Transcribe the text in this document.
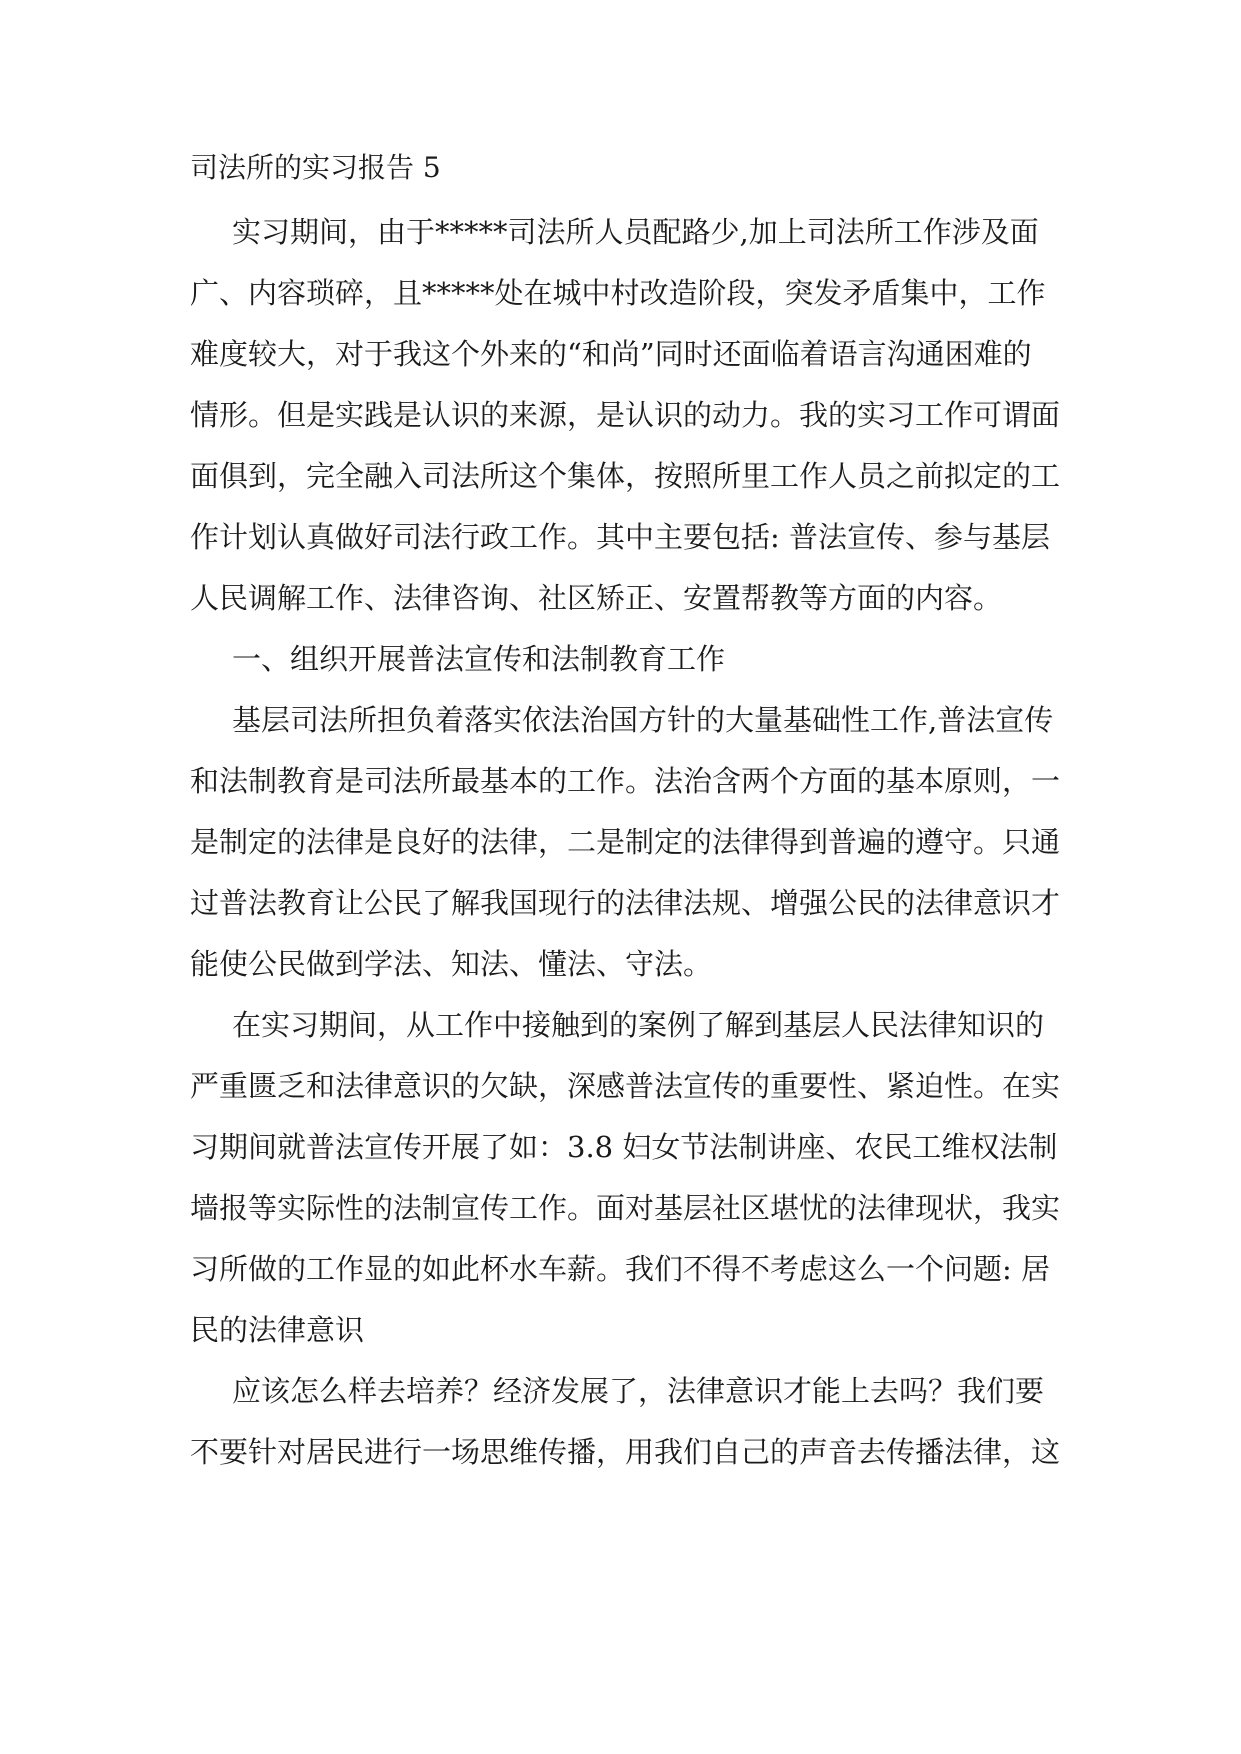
司法所的实习报告 5
实习期间，由于*****司法所人员配路少,加上司法所工作涉及面
广、内容琐碎，且*****处在城中村改造阶段，突发矛盾集中，工作
难度较大，对于我这个外来的“和尚”同时还面临着语言沟通困难的
情形。但是实践是认识的来源，是认识的动力。我的实习工作可谓面
面俱到，完全融入司法所这个集体，按照所里工作人员之前拟定的工
作计划认真做好司法行政工作。其中主要包括: 普法宣传、参与基层
人民调解工作、法律咨询、社区矫正、安置帮教等方面的内容。
一、组织开展普法宣传和法制教育工作
基层司法所担负着落实依法治国方针的大量基础性工作,普法宣传
和法制教育是司法所最基本的工作。法治含两个方面的基本原则，一
是制定的法律是良好的法律，二是制定的法律得到普遍的遵守。只通
过普法教育让公民了解我国现行的法律法规、增强公民的法律意识才
能使公民做到学法、知法、懂法、守法。
在实习期间，从工作中接触到的案例了解到基层人民法律知识的
严重匮乏和法律意识的欠缺，深感普法宣传的重要性、紧迫性。在实
习期间就普法宣传开展了如：3.8 妇女节法制讲座、农民工维权法制
墙报等实际性的法制宣传工作。面对基层社区堪忧的法律现状，我实
习所做的工作显的如此杯水车薪。我们不得不考虑这么一个问题: 居
民的法律意识
应该怎么样去培养？经济发展了，法律意识才能上去吗？我们要
不要针对居民进行一场思维传播，用我们自己的声音去传播法律，这
